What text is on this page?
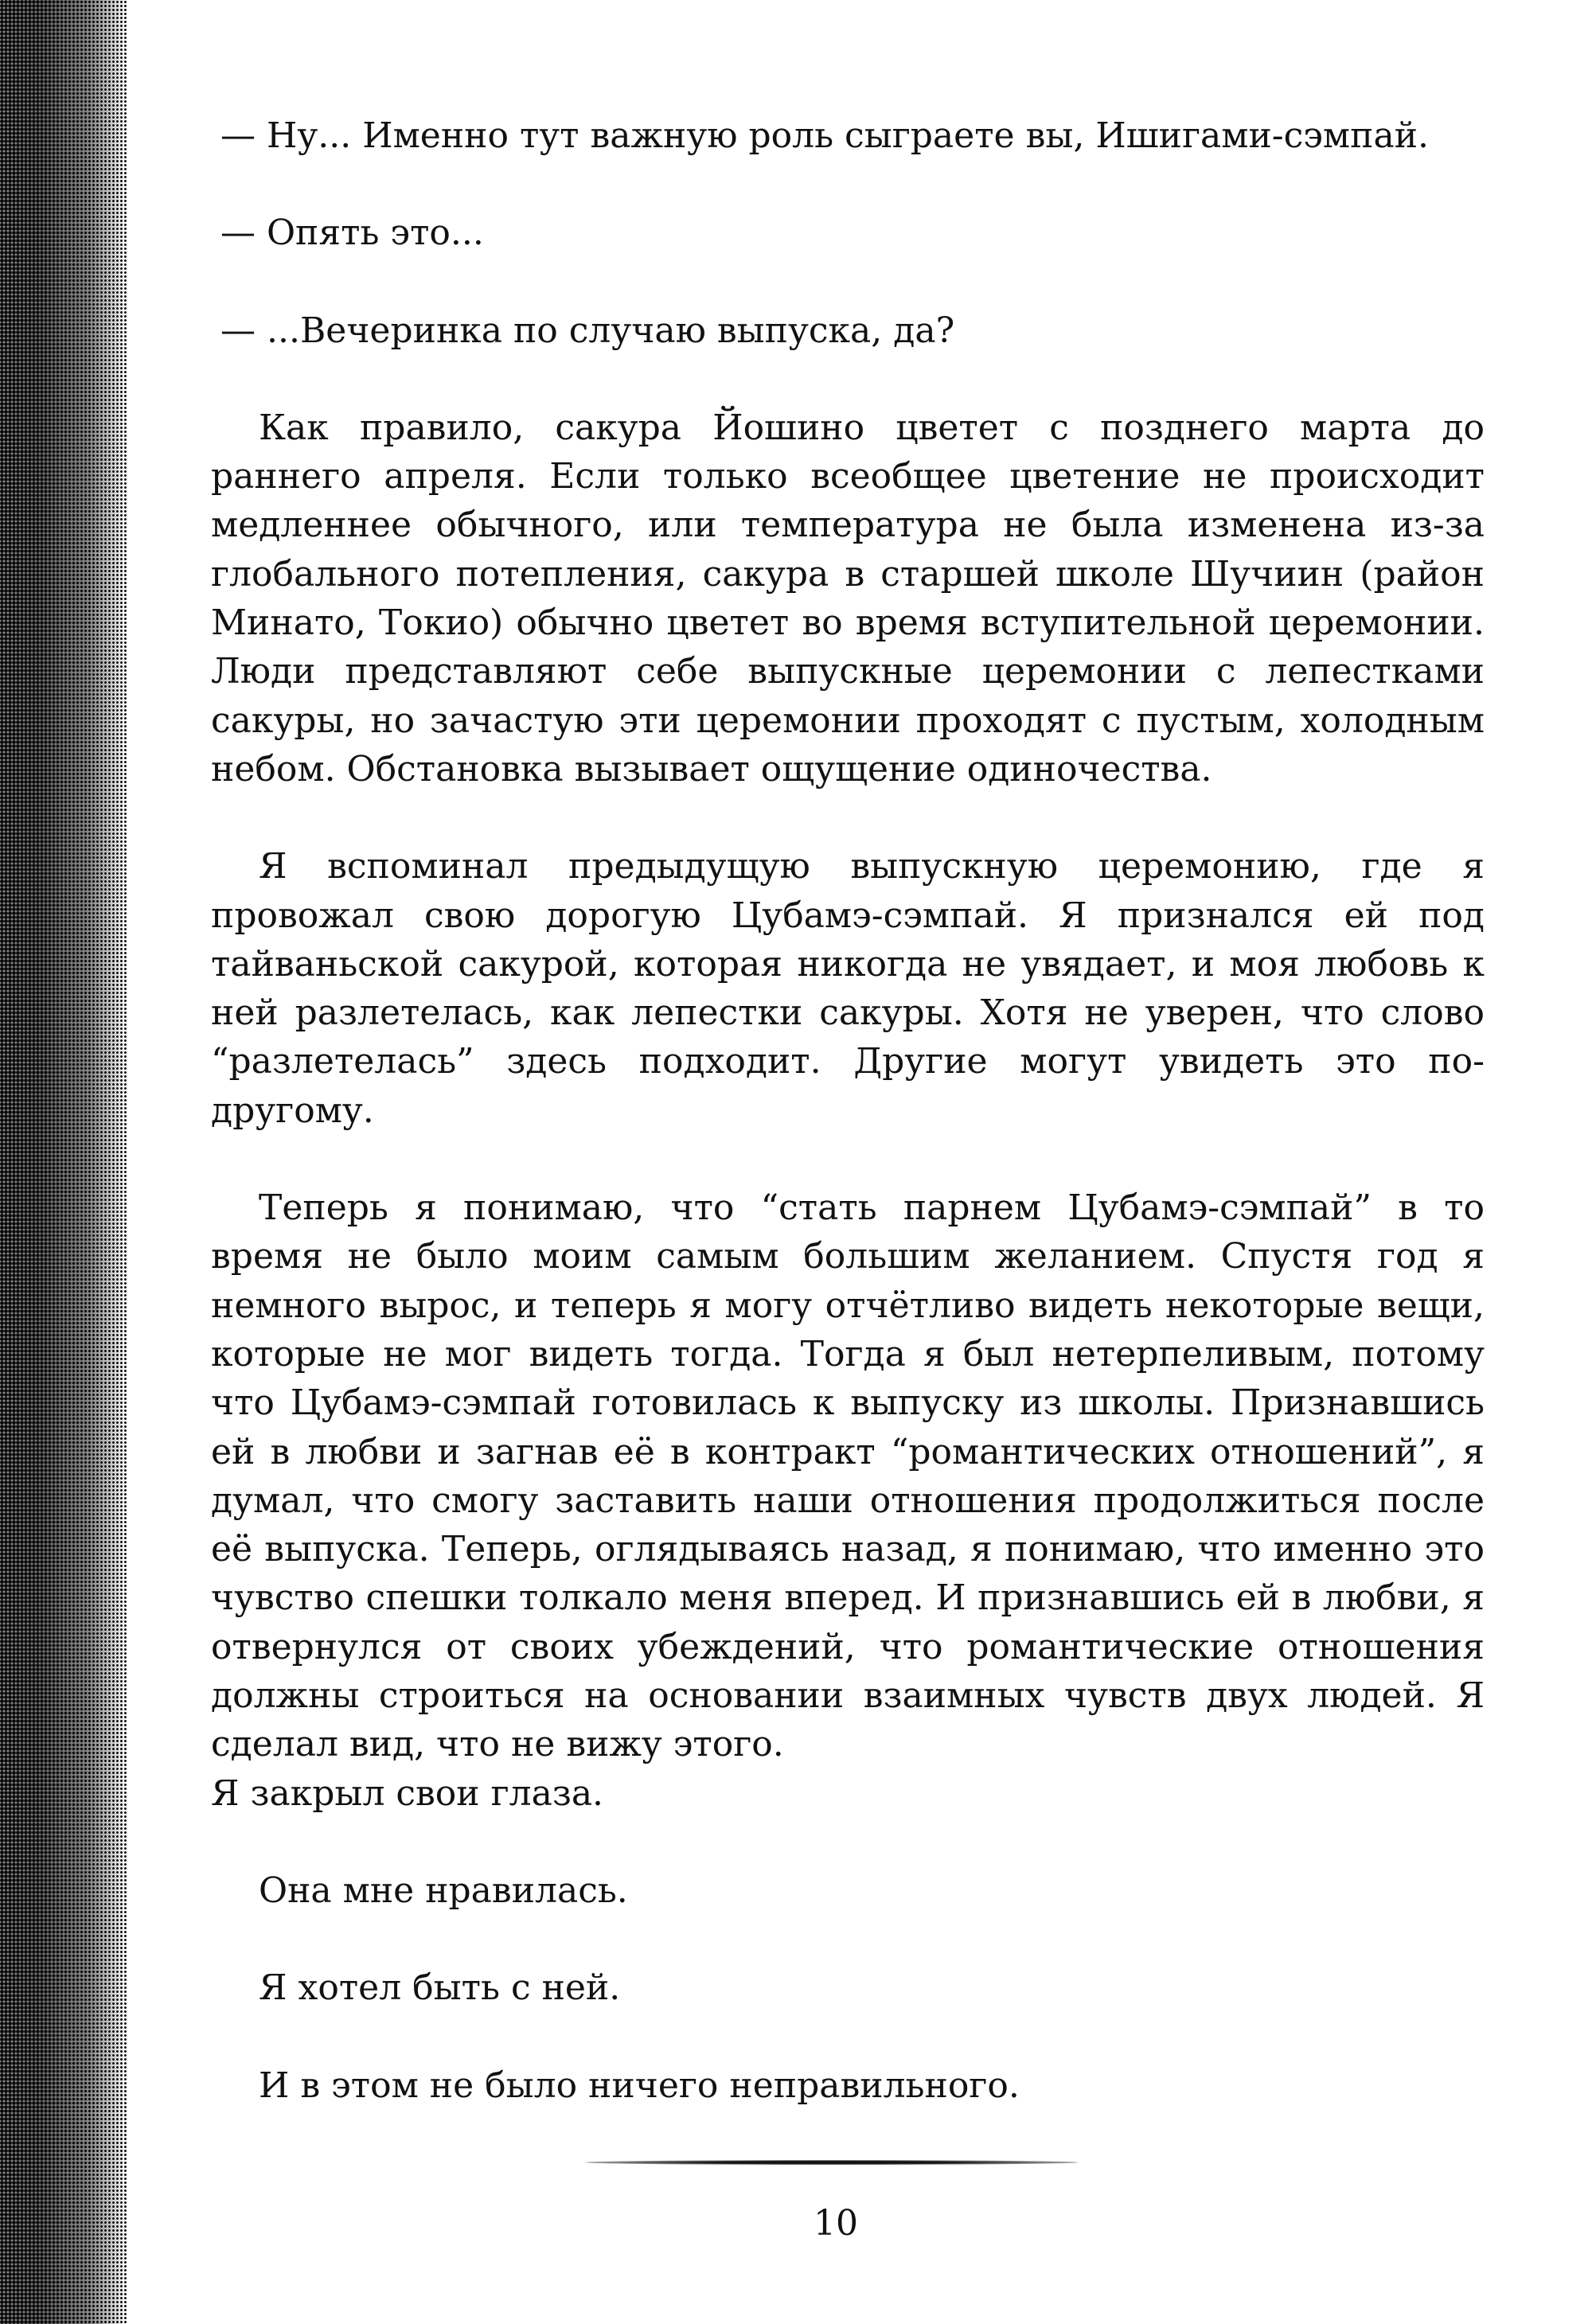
— Ну... Именно тут важную роль сыграете вы, Ишигами-сэмпай.

— Опять это...

— ...Вечеринка по случаю выпуска, да?

Как правило, сакура Йошино цветет с позднего марта до раннего апреля. Если только всеобщее цветение не происходит медленнее обычного, или температура не была изменена из-за глобального потепления, сакура в старшей школе Шучиин (район Минато, Токио) обычно цветет во время вступительной церемонии. Люди представляют себе выпускные церемонии с лепестками сакуры, но зачастую эти церемонии проходят с пустым, холодным небом. Обстановка вызывает ощущение одиночества.

Я вспоминал предыдущую выпускную церемонию, где я провожал свою дорогую Цубамэ-сэмпай. Я признался ей под тайваньской сакурой, которая никогда не увядает, и моя любовь к ней разлетелась, как лепестки сакуры. Хотя не уверен, что слово “разлетелась” здесь подходит. Другие могут увидеть это по-другому.

Теперь я понимаю, что “стать парнем Цубамэ-сэмпай” в то время не было моим самым большим желанием. Спустя год я немного вырос, и теперь я могу отчётливо видеть некоторые вещи, которые не мог видеть тогда. Тогда я был нетерпеливым, потому что Цубамэ-сэмпай готовилась к выпуску из школы. Признавшись ей в любви и загнав её в контракт “романтических отношений”, я думал, что смогу заставить наши отношения продолжиться после её выпуска. Теперь, оглядываясь назад, я понимаю, что именно это чувство спешки толкало меня вперед. И признавшись ей в любви, я отвернулся от своих убеждений, что романтические отношения должны строиться на основании взаимных чувств двух людей. Я сделал вид, что не вижу этого.

Я закрыл свои глаза.

Она мне нравилась.

Я хотел быть с ней.

И в этом не было ничего неправильного.

10
